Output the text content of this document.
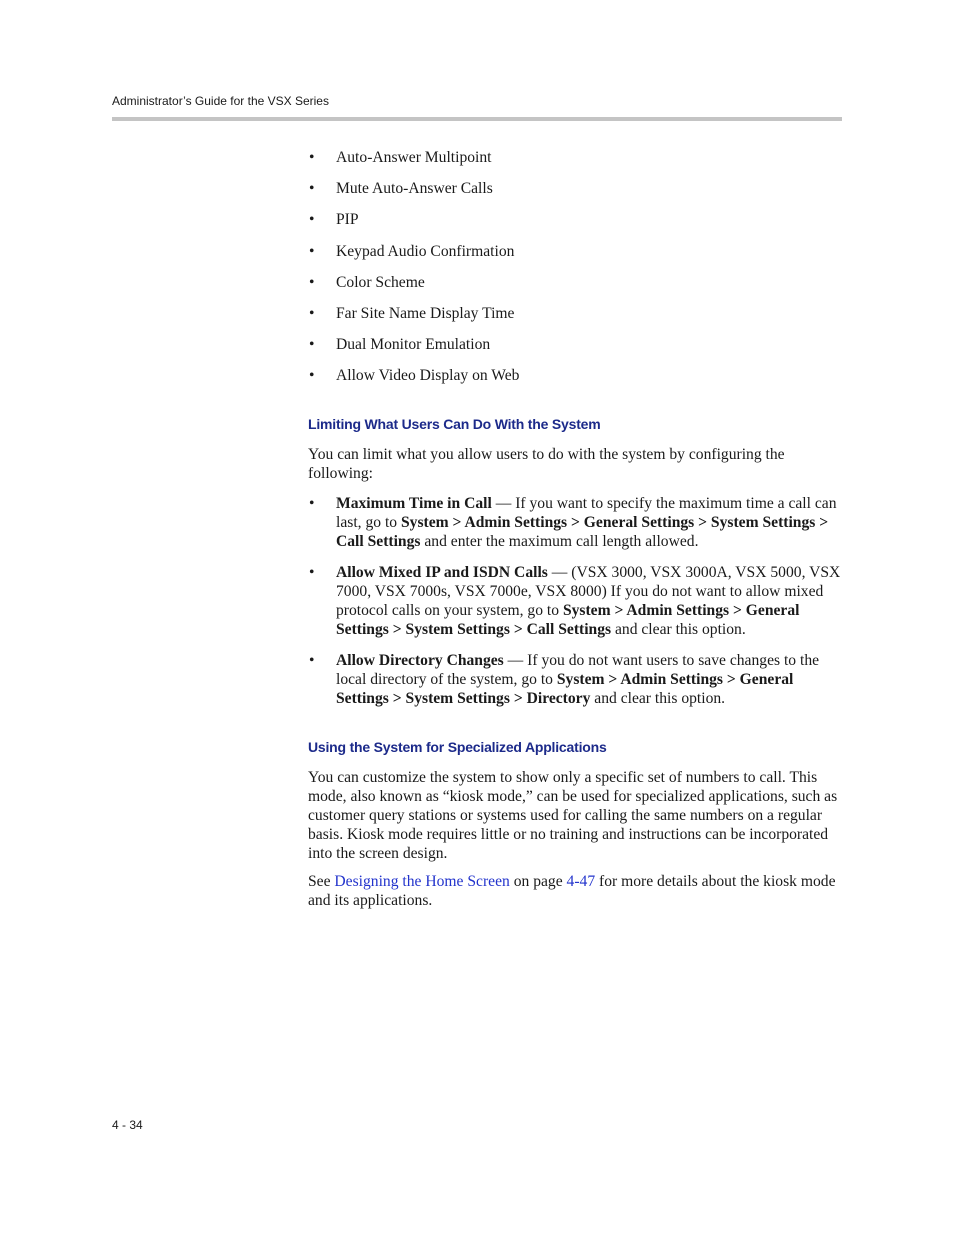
Administrator’s Guide for the VSX Series
• Auto-Answer Multipoint
• Mute Auto-Answer Calls
• PIP
• Keypad Audio Confirmation
• Color Scheme
• Far Site Name Display Time
• Dual Monitor Emulation
• Allow Video Display on Web
Limiting What Users Can Do With the System

You can limit what you allow users to do with the system by configuring the following:

• Maximum Time in Call — If you want to specify the maximum time a call can last, go to System > Admin Settings > General Settings > System Settings > Call Settings and enter the maximum call length allowed.
• Allow Mixed IP and ISDN Calls — (VSX 3000, VSX 3000A, VSX 5000, VSX 7000, VSX 7000s, VSX 7000e, VSX 8000) If you do not want to allow mixed protocol calls on your system, go to System > Admin Settings > General Settings > System Settings > Call Settings and clear this option.
• Allow Directory Changes — If you do not want users to save changes to the local directory of the system, go to System > Admin Settings > General Settings > System Settings > Directory and clear this option.
Using the System for Specialized Applications

You can customize the system to show only a specific set of numbers to call. This mode, also known as “kiosk mode,” can be used for specialized applications, such as customer query stations or systems used for calling the same numbers on a regular basis. Kiosk mode requires little or no training and instructions can be incorporated into the screen design.

See Designing the Home Screen on page 4-47 for more details about the kiosk mode and its applications.

4 - 34
